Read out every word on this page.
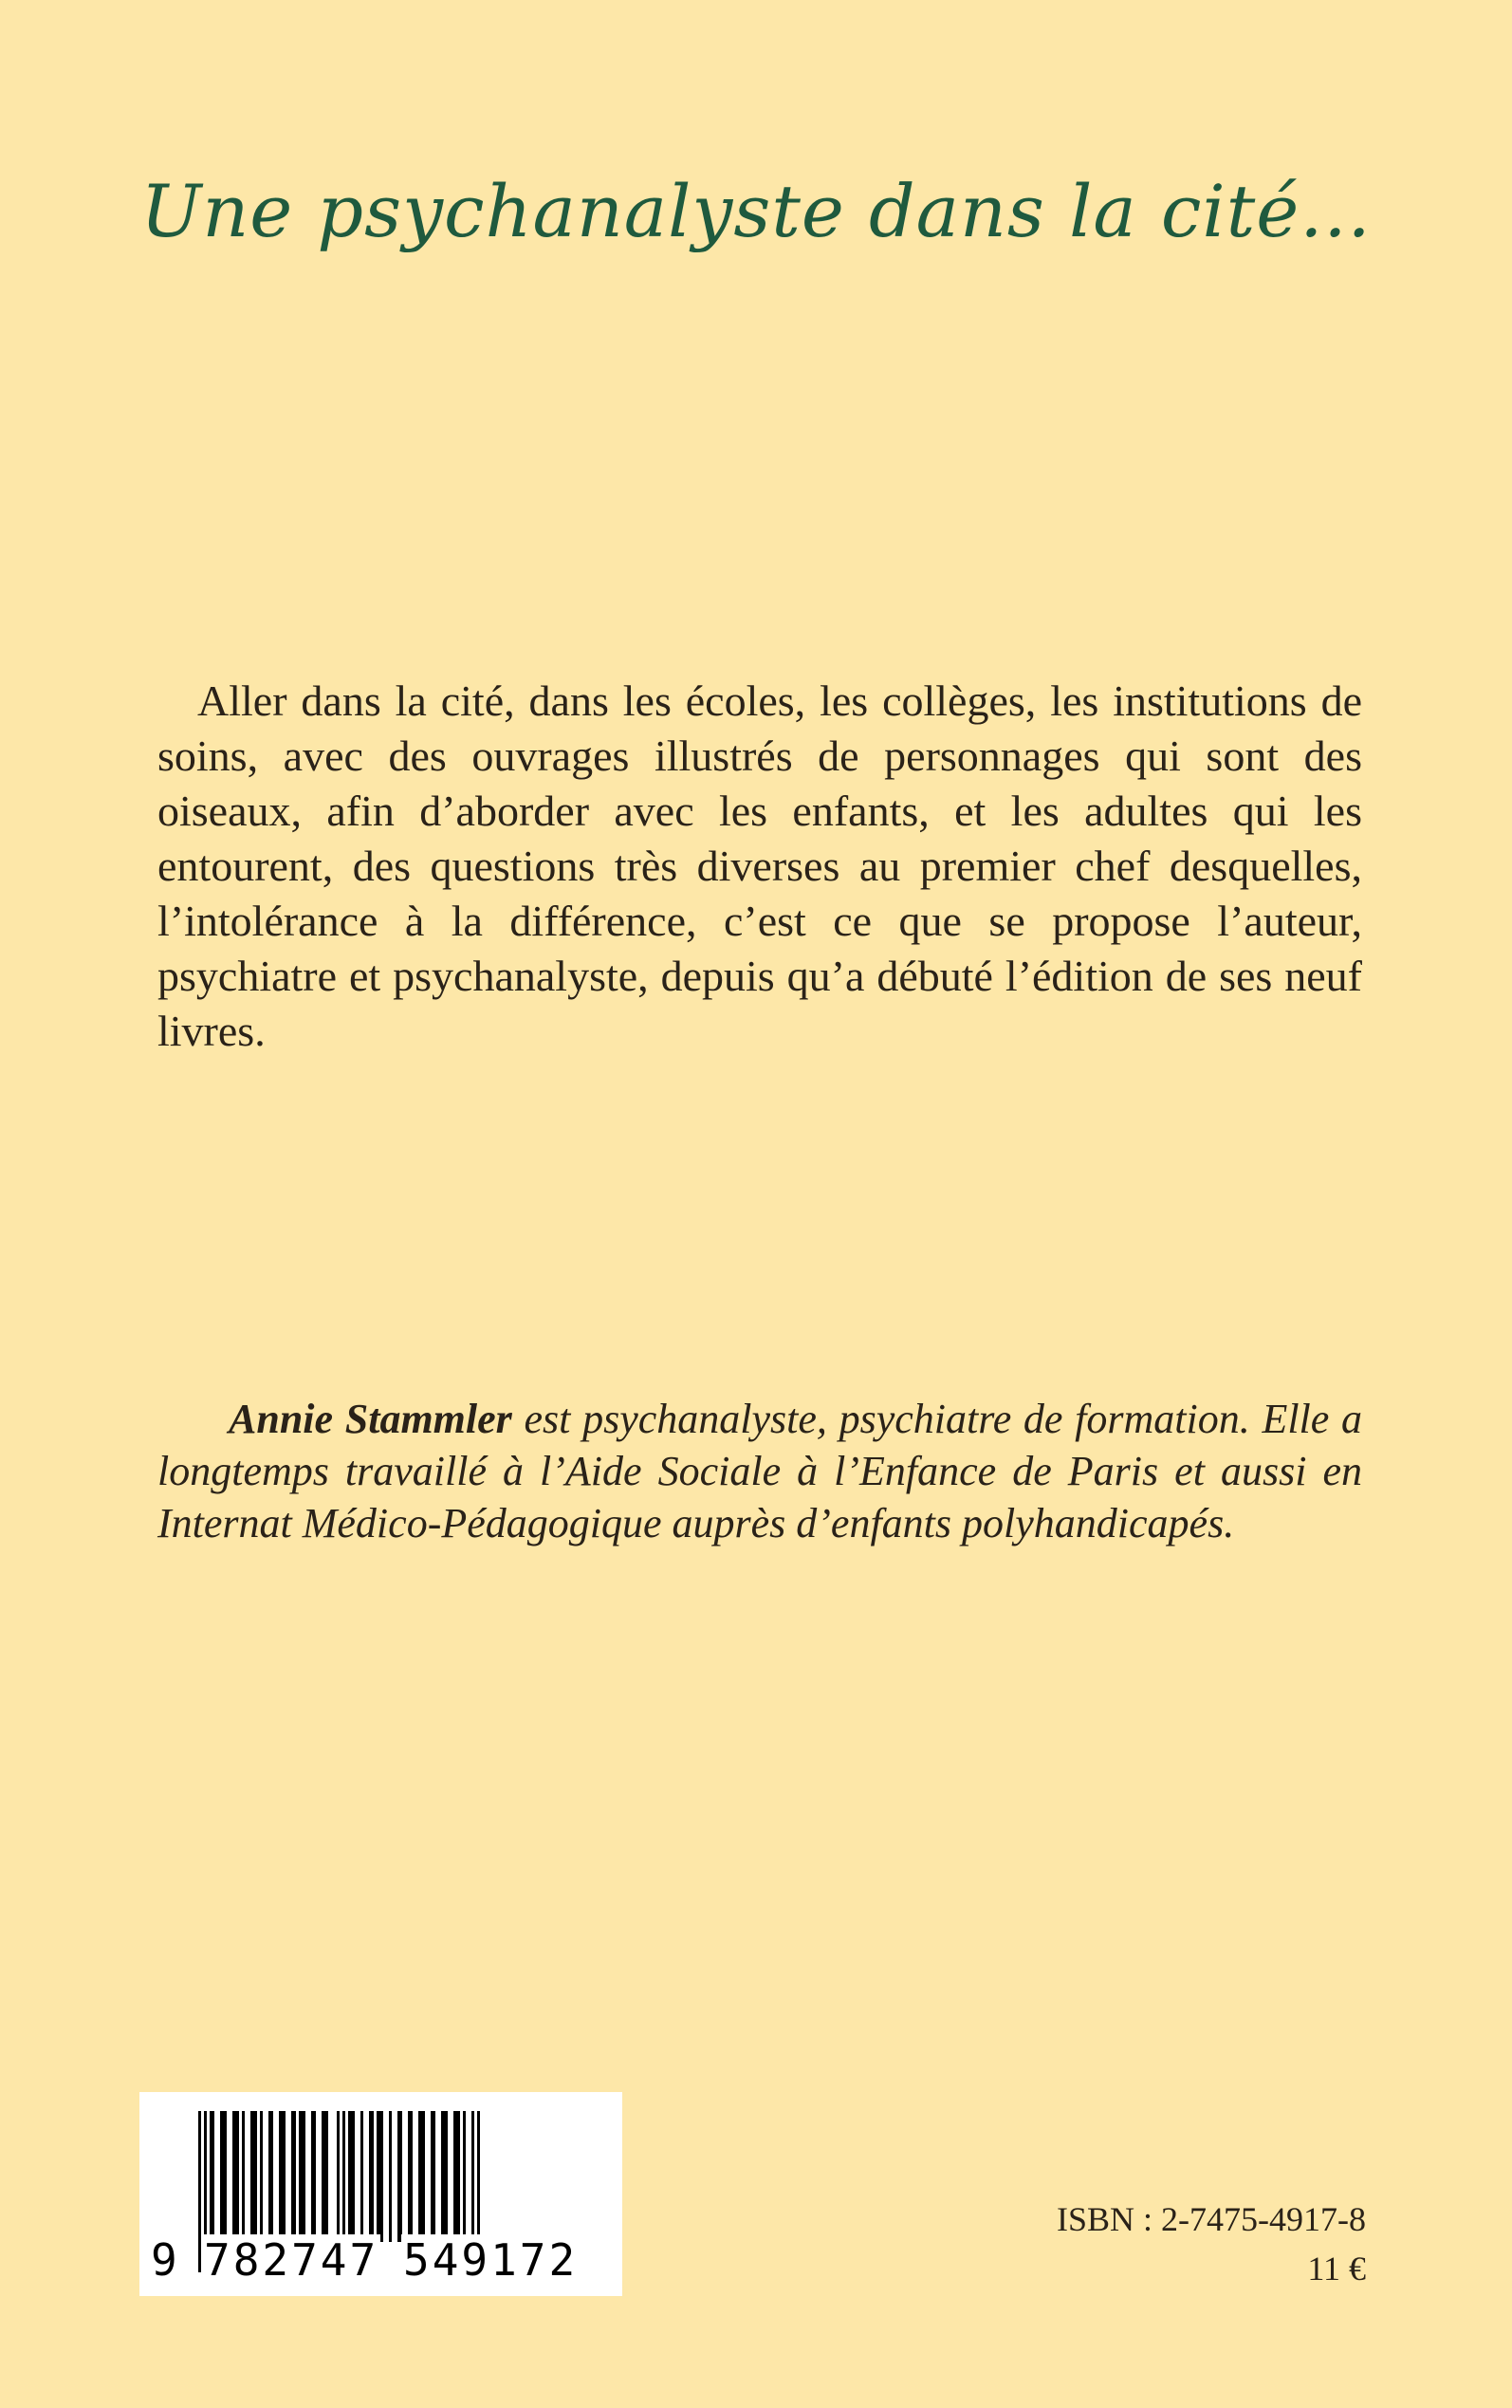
Une psychanalyste dans la cité...

Aller dans la cité, dans les écoles, les collèges, les institutions de soins, avec des ouvrages illustrés de personnages qui sont des oiseaux, afin d’aborder avec les enfants, et les adultes qui les entourent, des questions très diverses au premier chef desquelles, l’intolérance à la différence, c’est ce que se propose l’auteur, psychiatre et psychanalyste, depuis qu’a débuté l’édition de ses neuf livres.

Annie Stammler est psychanalyste, psychiatre de formation. Elle a longtemps travaillé à l’Aide Sociale à l’Enfance de Paris et aussi en Internat Médico-Pédagogique auprès d’enfants polyhandicapés.

9 782747 549172
ISBN : 2-7475-4917-8
11 €
